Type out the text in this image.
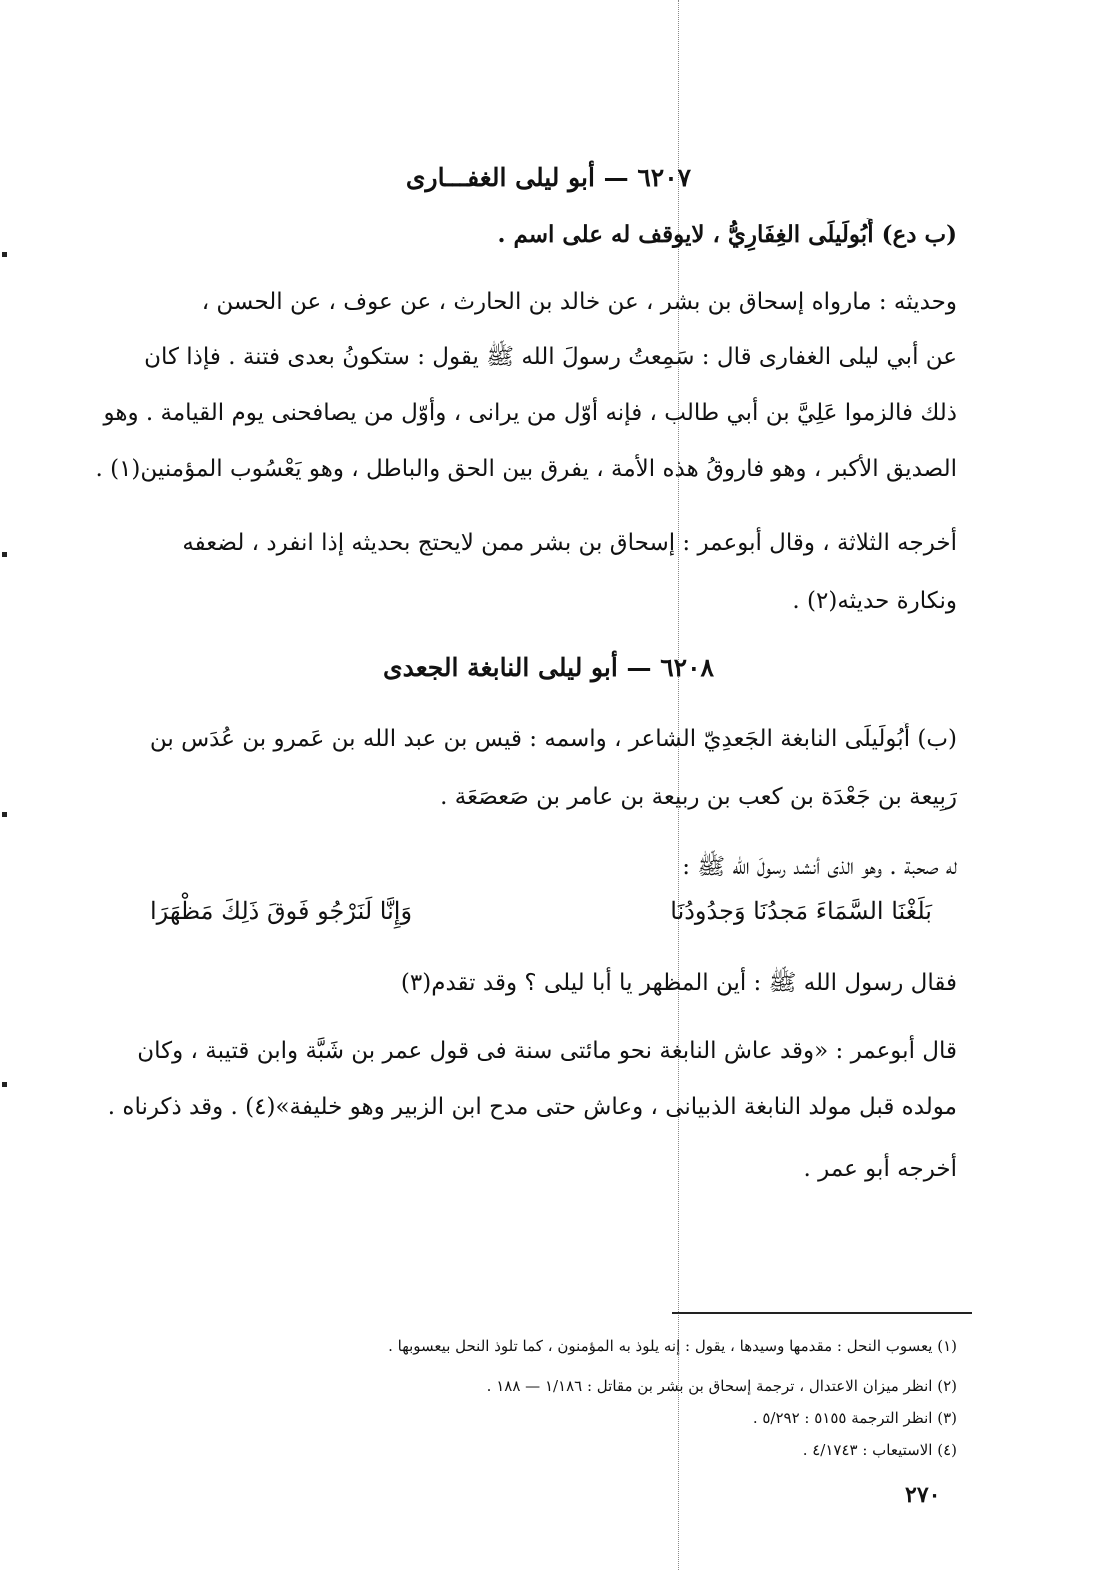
٦٢٠٧ — أبو ليلى الغفـــارى
(ب دع) أَبُولَيلَى الغِفَارِيُّ ، لايوقف له على اسم .
وحديثه : مارواه إسحاق بن بشر ، عن خالد بن الحارث ، عن عوف ، عن الحسن ،
عن أبي ليلى الغفارى قال : سَمِعتُ رسولَ الله ﷺ يقول : ستكونُ بعدى فتنة . فإذا كان
ذلك فالزموا عَلِيَّ بن أبي طالب ، فإنه أوّل من يرانى ، وأوّل من يصافحنى يوم القيامة . وهو
الصديق الأكبر ، وهو فاروقُ هذه الأمة ، يفرق بين الحق والباطل ، وهو يَعْسُوب المؤمنين(١) .
أخرجه الثلاثة ، وقال أبوعمر : إسحاق بن بشر ممن لايحتج بحديثه إذا انفرد ، لضعفه
ونكارة حديثه(٢) .
٦٢٠٨ — أبو ليلى النابغة الجعدى
(ب) أَبُولَيلَى النابغة الجَعدِيّ الشاعر ، واسمه : قيس بن عبد الله بن عَمرو بن عُدَس بن
رَبِيعة بن جَعْدَة بن كعب بن ربيعة بن عامر بن صَعصَعَة .
له صحبة . وهو الذى أنشد رسولَ الله ﷺ :
بَلَغْنَا السَّمَاءَ مَجدُنَا وَجدُودُنَا
وَإِنَّا لَنَرْجُو فَوقَ ذَلِكَ مَظْهَرَا
فقال رسول الله ﷺ : أين المظهر يا أبا ليلى ؟ وقد تقدم(٣)
قال أبوعمر : «وقد عاش النابغة نحو مائتى سنة فى قول عمر بن شَبَّة وابن قتيبة ، وكان
مولده قبل مولد النابغة الذبيانى ، وعاش حتى مدح ابن الزبير وهو خليفة»(٤) . وقد ذكرناه .
أخرجه أبو عمر .
(١) يعسوب النحل : مقدمها وسيدها ، يقول : إنه يلوذ به المؤمنون ، كما تلوذ النحل بيعسوبها .
(٢) انظر ميزان الاعتدال ، ترجمة إسحاق بن بشر بن مقاتل : ١/١٨٦ — ١٨٨ .
(٣) انظر الترجمة ٥١٥٥ : ٥/٢٩٢ .
(٤) الاستيعاب : ٤/١٧٤٣ .
٢٧٠
